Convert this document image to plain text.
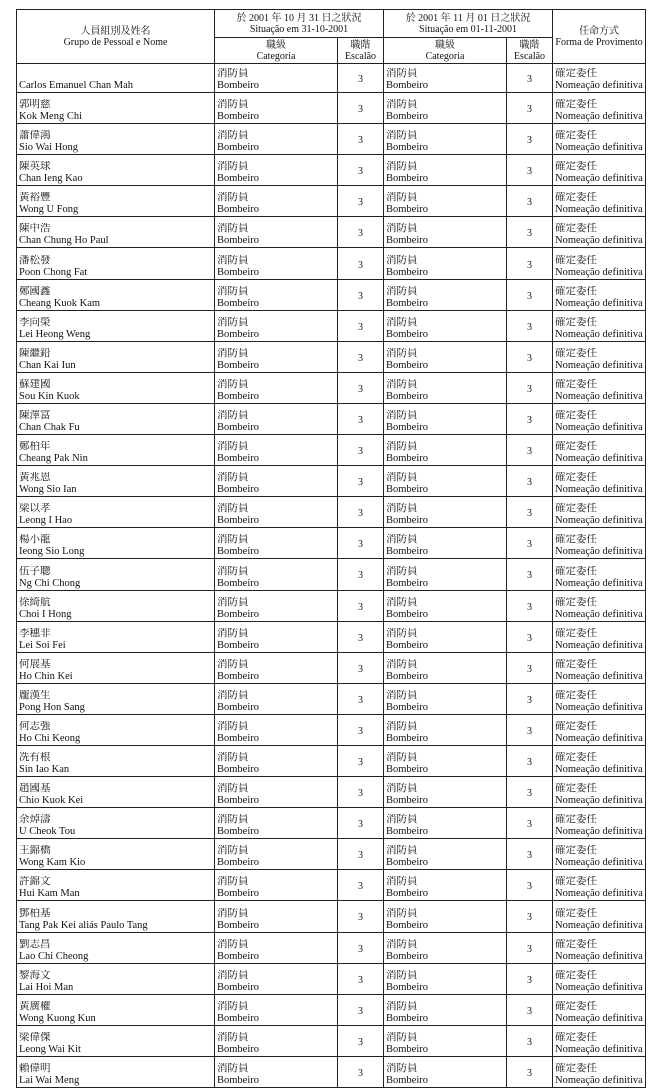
人員組別及姓名
Grupo de Pessoal e Nome	於 2001 年 10 月 31 日之狀況
Situação em 31-10-2001		於 2001 年 11 月 01 日之狀況
Situação em 01-11-2001		任命方式
Forma de Provimento

	職級
Categoria	職階
Escalão	職級
Categoria	職階
Escalão	

Carlos Emanuel Chan Mah	消防員
Bombeiro	3	消防員
Bombeiro	3	確定委任
Nomeação definitiva

郭明慈
Kok Meng Chi	消防員
Bombeiro	3	消防員
Bombeiro	3	確定委任
Nomeação definitiva

蕭偉鴻
Sio Wai Hong	消防員
Bombeiro	3	消防員
Bombeiro	3	確定委任
Nomeação definitiva

陳英球
Chan Ieng Kao	消防員
Bombeiro	3	消防員
Bombeiro	3	確定委任
Nomeação definitiva

黃裕豐
Wong U Fong	消防員
Bombeiro	3	消防員
Bombeiro	3	確定委任
Nomeação definitiva

陳中浩
Chan Chung Ho Paul	消防員
Bombeiro	3	消防員
Bombeiro	3	確定委任
Nomeação definitiva

潘松發
Poon Chong Fat	消防員
Bombeiro	3	消防員
Bombeiro	3	確定委任
Nomeação definitiva

鄭國鑫
Cheang Kuok Kam	消防員
Bombeiro	3	消防員
Bombeiro	3	確定委任
Nomeação definitiva

李向榮
Lei Heong Weng	消防員
Bombeiro	3	消防員
Bombeiro	3	確定委任
Nomeação definitiva

陳繼鉛
Chan Kai Iun	消防員
Bombeiro	3	消防員
Bombeiro	3	確定委任
Nomeação definitiva

蘇建國
Sou Kin Kuok	消防員
Bombeiro	3	消防員
Bombeiro	3	確定委任
Nomeação definitiva

陳澤富
Chan Chak Fu	消防員
Bombeiro	3	消防員
Bombeiro	3	確定委任
Nomeação definitiva

鄭柏年
Cheang Pak Nin	消防員
Bombeiro	3	消防員
Bombeiro	3	確定委任
Nomeação definitiva

黃兆恩
Wong Sio Ian	消防員
Bombeiro	3	消防員
Bombeiro	3	確定委任
Nomeação definitiva

梁以孝
Leong I Hao	消防員
Bombeiro	3	消防員
Bombeiro	3	確定委任
Nomeação definitiva

楊小龍
Ieong Sio Long	消防員
Bombeiro	3	消防員
Bombeiro	3	確定委任
Nomeação definitiva

伍子聰
Ng Chi Chong	消防員
Bombeiro	3	消防員
Bombeiro	3	確定委任
Nomeação definitiva

徐綺航
Choi I Hong	消防員
Bombeiro	3	消防員
Bombeiro	3	確定委任
Nomeação definitiva

李穗非
Lei Soi Fei	消防員
Bombeiro	3	消防員
Bombeiro	3	確定委任
Nomeação definitiva

何展基
Ho Chin Kei	消防員
Bombeiro	3	消防員
Bombeiro	3	確定委任
Nomeação definitiva

龐漢生
Pong Hon Sang	消防員
Bombeiro	3	消防員
Bombeiro	3	確定委任
Nomeação definitiva

何志強
Ho Chi Keong	消防員
Bombeiro	3	消防員
Bombeiro	3	確定委任
Nomeação definitiva

冼有根
Sin Iao Kan	消防員
Bombeiro	3	消防員
Bombeiro	3	確定委任
Nomeação definitiva

趙國基
Chio Kuok Kei	消防員
Bombeiro	3	消防員
Bombeiro	3	確定委任
Nomeação definitiva

余焯濤
U Cheok Tou	消防員
Bombeiro	3	消防員
Bombeiro	3	確定委任
Nomeação definitiva

王錦橋
Wong Kam Kio	消防員
Bombeiro	3	消防員
Bombeiro	3	確定委任
Nomeação definitiva

許錦文
Hui Kam Man	消防員
Bombeiro	3	消防員
Bombeiro	3	確定委任
Nomeação definitiva

鄧柏基
Tang Pak Kei aliás Paulo Tang	消防員
Bombeiro	3	消防員
Bombeiro	3	確定委任
Nomeação definitiva

劉志昌
Lao Chi Cheong	消防員
Bombeiro	3	消防員
Bombeiro	3	確定委任
Nomeação definitiva

黎海文
Lai Hoi Man	消防員
Bombeiro	3	消防員
Bombeiro	3	確定委任
Nomeação definitiva

黃廣權
Wong Kuong Kun	消防員
Bombeiro	3	消防員
Bombeiro	3	確定委任
Nomeação definitiva

梁偉傑
Leong Wai Kit	消防員
Bombeiro	3	消防員
Bombeiro	3	確定委任
Nomeação definitiva

賴偉明
Lai Wai Meng	消防員
Bombeiro	3	消防員
Bombeiro	3	確定委任
Nomeação definitiva
